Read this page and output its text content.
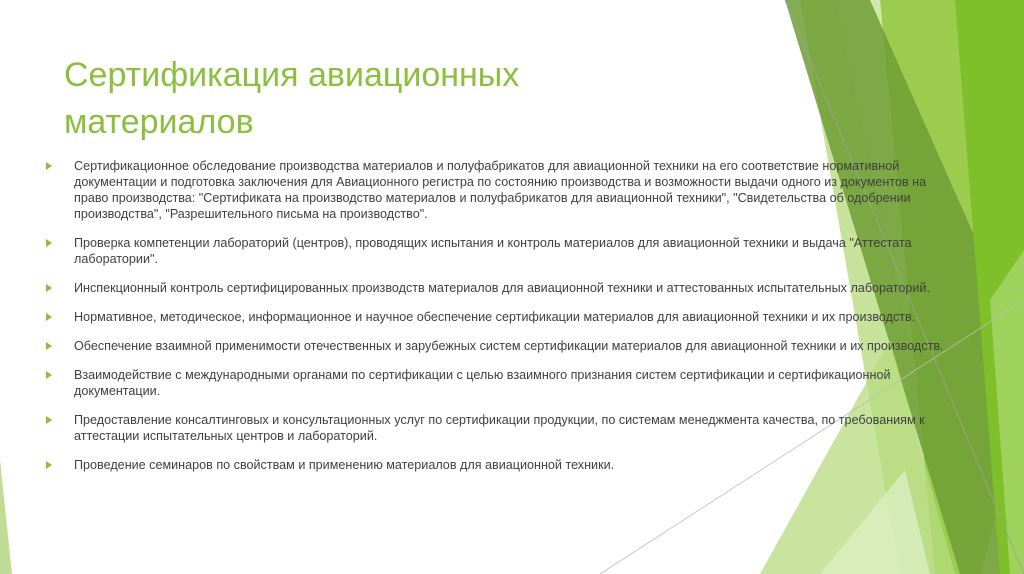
Сертификация авиационных материалов
Сертификационное обследование производства материалов и полуфабрикатов для авиационной техники на его соответствие нормативной документации и подготовка заключения для Авиационного регистра по состоянию производства и возможности выдачи одного из документов на право производства: "Сертификата на производство материалов и полуфабрикатов для авиационной техники", "Свидетельства об одобрении производства", "Разрешительного письма на производство".
Проверка компетенции лабораторий (центров), проводящих испытания и контроль материалов для авиационной техники и выдача "Аттестата лаборатории".
Инспекционный контроль сертифицированных производств материалов для авиационной техники и аттестованных испытательных лабораторий.
Нормативное, методическое, информационное и научное обеспечение сертификации материалов для авиационной техники и их производств.
Обеспечение взаимной применимости отечественных и зарубежных систем сертификации материалов для авиационной техники и их производств.
Взаимодействие с международными органами по сертификации с целью взаимного признания систем сертификации и сертификационной документации.
Предоставление консалтинговых и консультационных услуг по сертификации продукции, по системам менеджмента качества, по требованиям к аттестации испытательных центров и лабораторий.
Проведение семинаров по свойствам и применению материалов для авиационной техники.
